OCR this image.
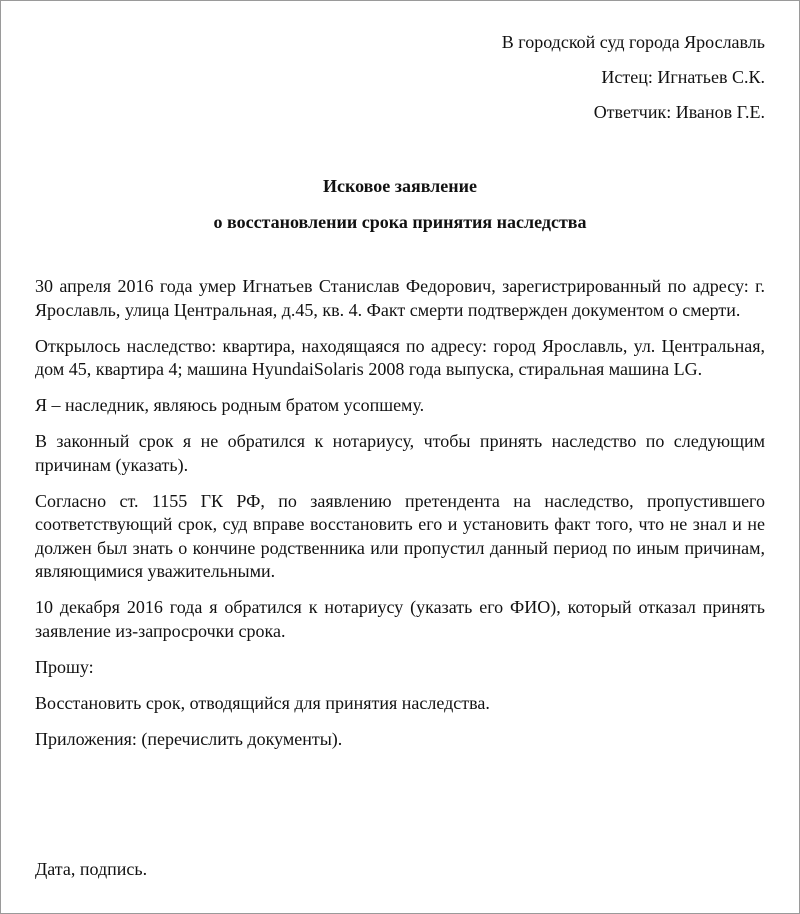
В городской суд города Ярославль
Истец: Игнатьев С.К.
Ответчик: Иванов Г.Е.
Исковое заявление
о восстановлении срока принятия наследства

30 апреля 2016 года умер Игнатьев Станислав Федорович, зарегистрированный по адресу: г. Ярославль, улица Центральная, д.45, кв. 4. Факт смерти подтвержден документом о смерти.

Открылось наследство: квартира, находящаяся по адресу: город Ярославль, ул. Центральная, дом 45, квартира 4; машина HyundaiSolaris 2008 года выпуска, стиральная машина LG.

Я – наследник, являюсь родным братом усопшему.

В законный срок я не обратился к нотариусу, чтобы принять наследство по следующим причинам (указать).

Согласно ст. 1155 ГК РФ, по заявлению претендента на наследство, пропустившего соответствующий срок, суд вправе восстановить его и установить факт того, что не знал и не должен был знать о кончине родственника или пропустил данный период по иным причинам, являющимися уважительными.

10 декабря 2016 года я обратился к нотариусу (указать его ФИО), который отказал принять заявление из-запросрочки срока.

Прошу:

Восстановить срок, отводящийся для принятия наследства.

Приложения: (перечислить документы).

Дата, подпись.
